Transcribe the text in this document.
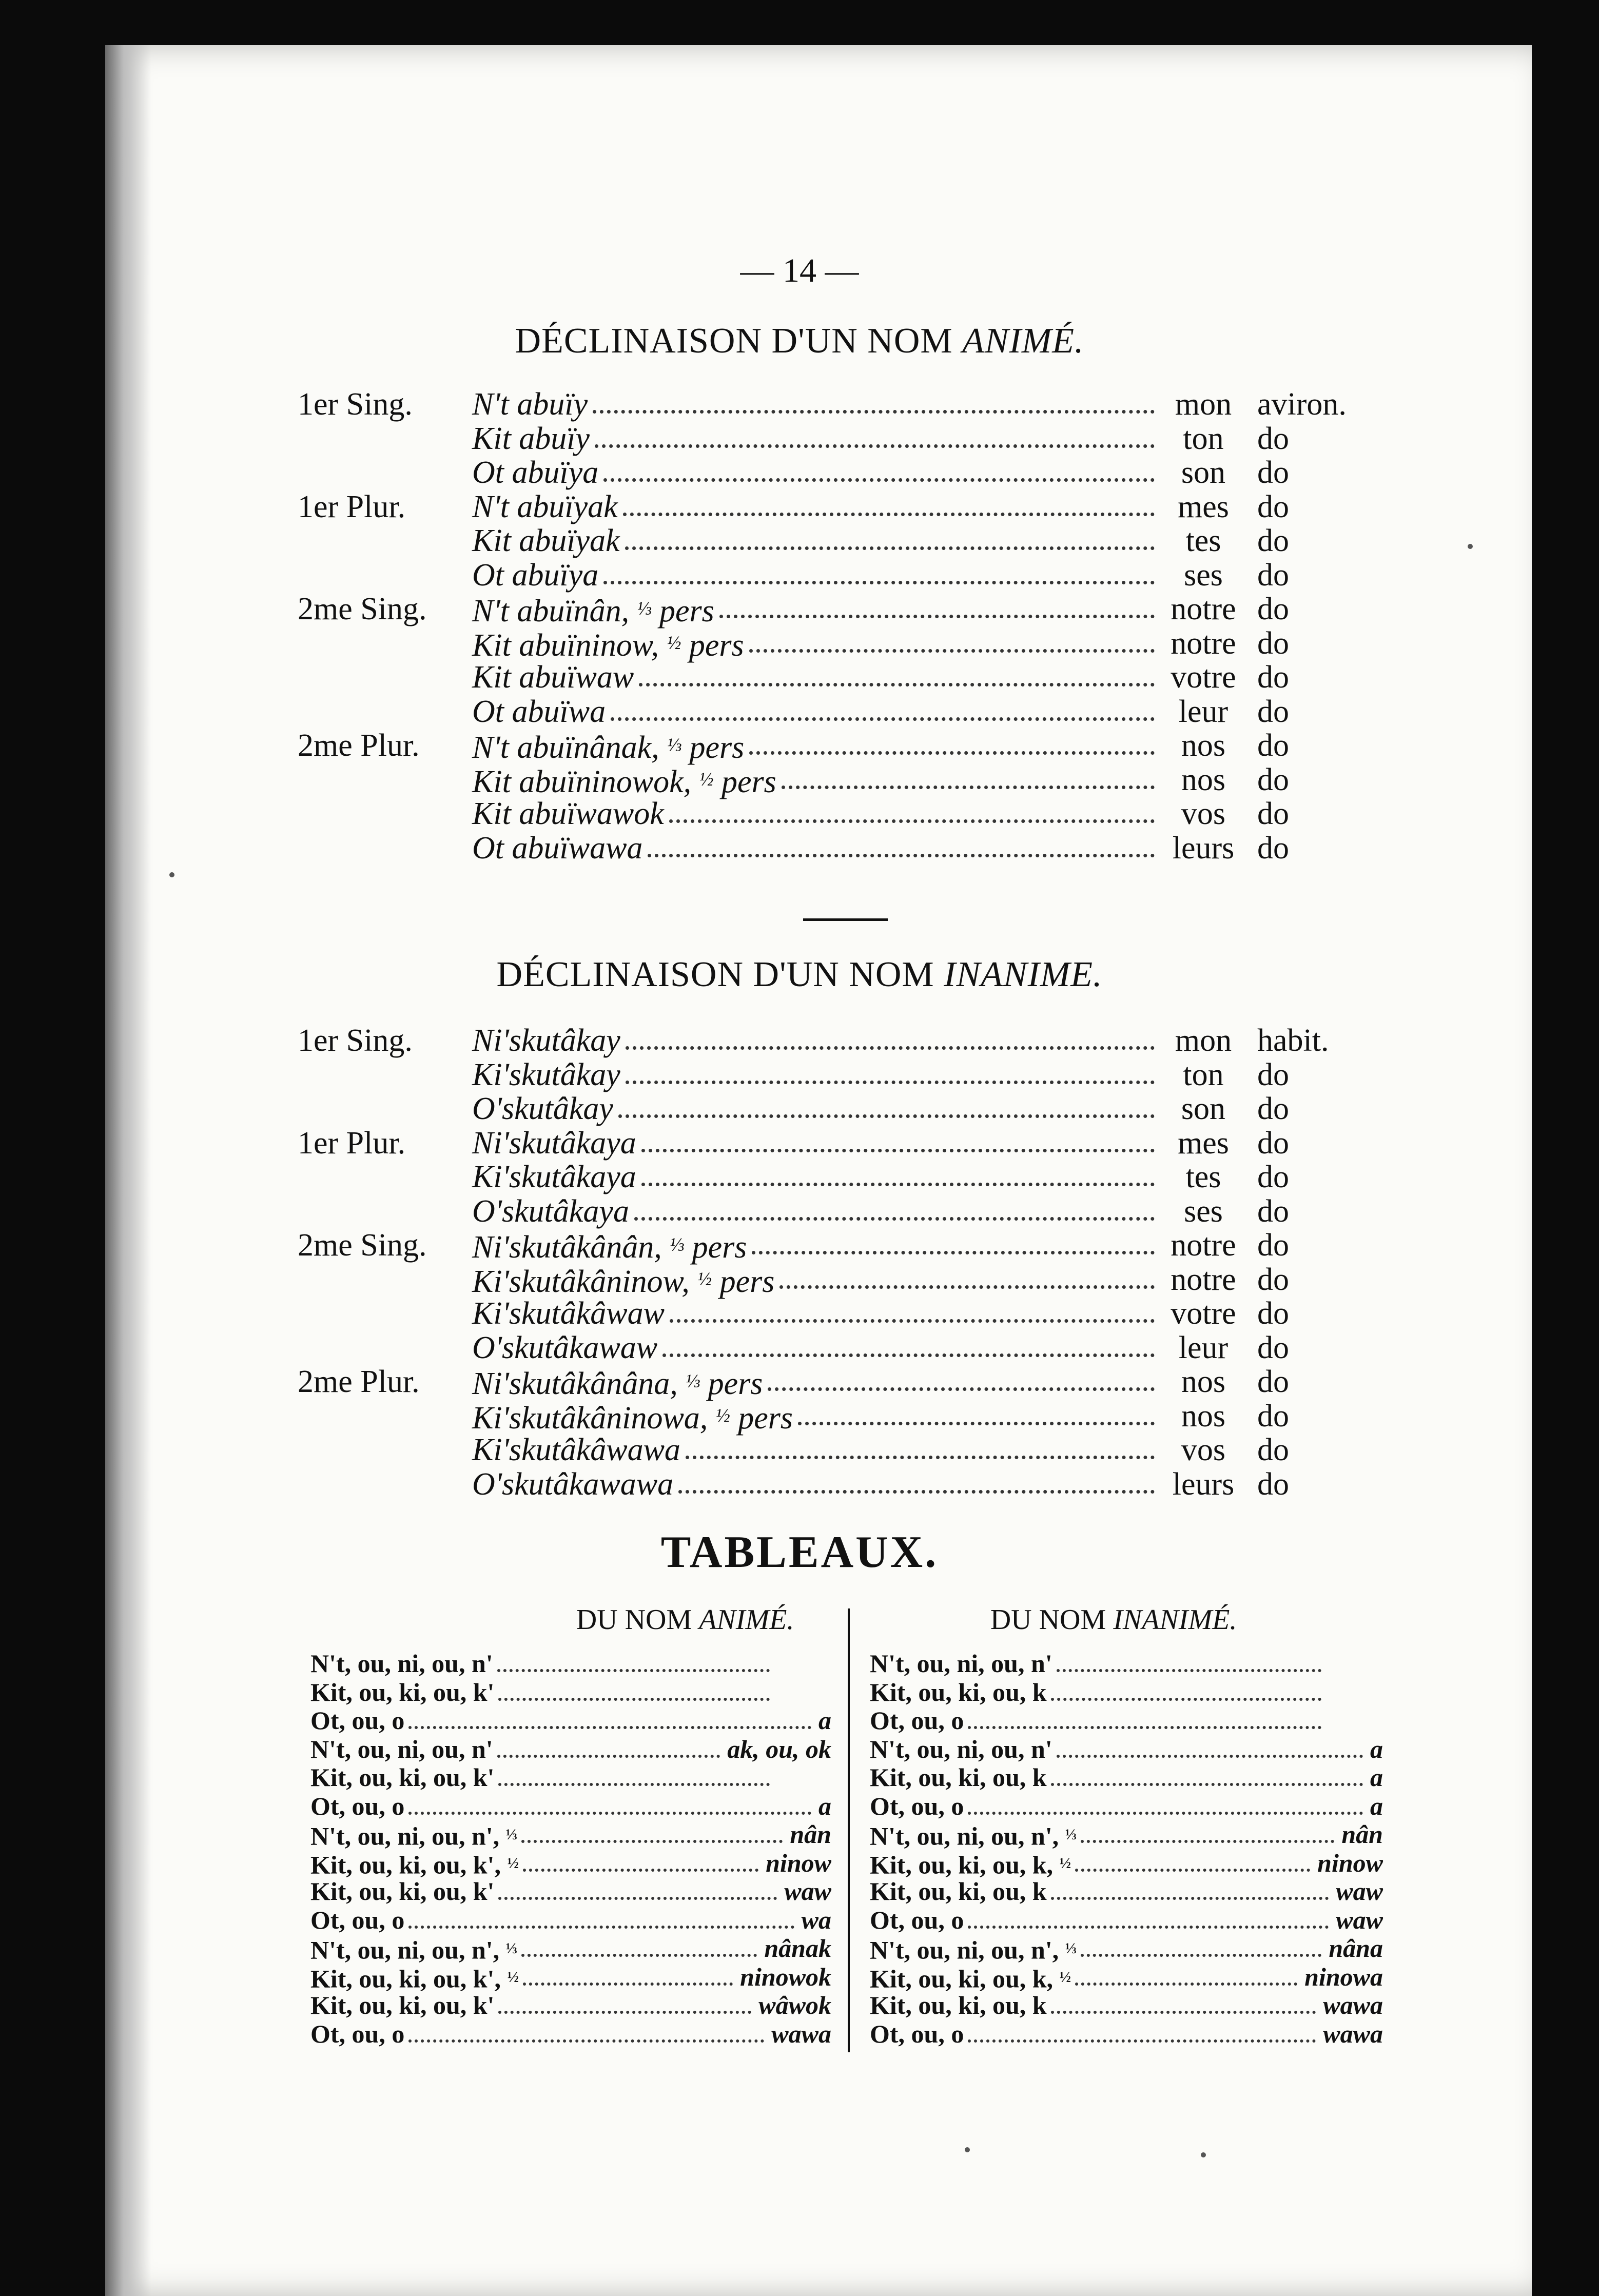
— 14 —
DÉCLINAISON D'UN NOM ANIMÉ.
1er Sing.	N't abuïy	mon aviron.
Kit abuïy	ton	do
Ot abuïya	son do
1er Plur.	N't abuïyak	mes do
Kit abuïyak	tes	do
Ot abuïya	ses	do
2me Sing.	N't abuïnân, $^{\frac{1}{3}}$ pers	notre do
Kit abuïninow, $^{\frac{1}{2}}$ pers	notre do
Kit abuïwaw	votre do
Ot abuïwa	leur do
2me Plur.	N't abuïnânak, $^{\frac{1}{3}}$ pers	nos do
Kit abuïninowok, $^{\frac{1}{2}}$ pers	nos do
Kit abuïwawok	vos do
Ot abuïwawa	leurs do
DÉCLINAISON D'UN NOM INANIME.
1er Sing.	Ni'skutâkay	mon habit.
Ki'skutâkay	ton	do
O'skutâkay	son do
1er Plur.	Ni'skutâkaya	mes do
Ki'skutâkaya	tes	do
O'skutâkaya	ses	do
2me Sing.	Ni'skutâkânân, $^{\frac{1}{3}}$ pers	notre do
Ki'skutâkâninow, $^{\frac{1}{2}}$ pers	notre do
Ki'skutâkâwaw	votre do
O'skutâkawaw	leur do
2me Plur.	Ni'skutâkânâna, $^{\frac{1}{3}}$ pers	nos do
Ki'skutâkâninowa, $^{\frac{1}{2}}$ pers	nos do
Ki'skutâkâwawa	vos do
O'skutâkawawa	leurs do
TABLEAUX.
DU NOM ANIMÉ.	DU NOM INANIMÉ.
N't, ou, ni, ou, n'
Kit, ou, ki, ou, k'
Ot, ou, o	a
N't, ou, ni, ou, n'	ak, ou, ok
Kit, ou, ki, ou, k'
Ot, ou, o	a
N't, ou, ni, ou, n', $^{\frac{1}{3}}$	nân
Kit, ou, ki, ou, k', $^{\frac{1}{2}}$	ninow
Kit, ou, ki, ou, k'	waw
Ot, ou, o	wa
N't, ou, ni, ou, n', $^{\frac{1}{3}}$	nânak
Kit, ou, ki, ou, k', $^{\frac{1}{2}}$	ninowok
Kit, ou, ki, ou, k'	wâwok
Ot, ou, o	wawa
N't, ou, ni, ou, n'
Kit, ou, ki, ou, k
Ot, ou, o
N't, ou, ni, ou, n'	a
Kit, ou, ki, ou, k	a
Ot, ou, o	a
N't, ou, ni, ou, n', $^{\frac{1}{3}}$	nân
Kit, ou, ki, ou, k, $^{\frac{1}{2}}$	ninow
Kit, ou, ki, ou, k	waw
Ot, ou, o	waw
N't, ou, ni, ou, n', $^{\frac{1}{3}}$	nâna
Kit, ou, ki, ou, k, $^{\frac{1}{2}}$	ninowa
Kit, ou, ki, ou, k	wawa
Ot, ou, o	wawa
